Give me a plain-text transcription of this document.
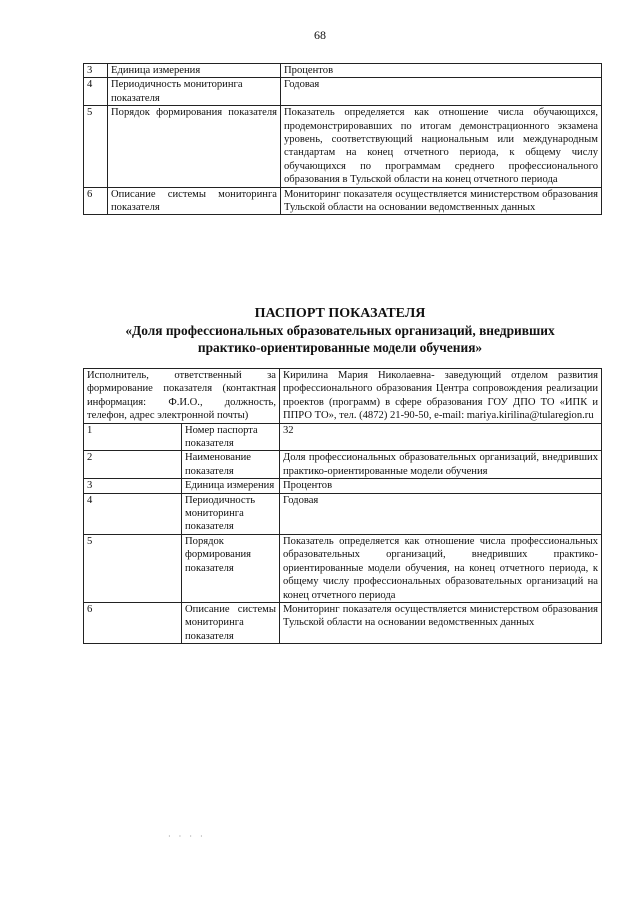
68
3	Единица измерения	Процентов
4	Периодичность мониторинга показателя	Годовая
5	Порядок формирования показателя	Показатель определяется как отношение числа обучающихся, продемонстрировавших по итогам демонстрационного экзамена уровень, соответствующий национальным или международным стандартам на конец отчетного периода, к общему числу обучающихся по программам среднего профессионального образования в Тульской области на конец отчетного периода
6	Описание системы мониторинга показателя	Мониторинг показателя осуществляется министерством образования Тульской области на основании ведомственных данных
ПАСПОРТ ПОКАЗАТЕЛЯ
«Доля профессиональных образовательных организаций, внедривших
практико-ориентированные модели обучения»
Исполнитель, ответственный за формирование показателя (контактная информация: Ф.И.О., должность, телефон, адрес электронной почты)		Кирилина Мария Николаевна- заведующий отделом развития профессионального образования Центра сопровождения реализации проектов (программ) в сфере образования ГОУ ДПО ТО «ИПК и ППРО ТО», тел. (4872) 21-90-50, e-mail: mariya.kirilina@tularegion.ru
1	Номер паспорта показателя	32
2	Наименование показателя	Доля профессиональных образовательных организаций, внедривших практико-ориентированные модели обучения
3	Единица измерения	Процентов
4	Периодичность мониторинга показателя	Годовая
5	Порядок формирования показателя	Показатель определяется как отношение числа профессиональных образовательных организаций, внедривших практико-ориентированные модели обучения, на конец отчетного периода, к общему числу профессиональных образовательных организаций на конец отчетного периода
6	Описание системы мониторинга показателя	Мониторинг показателя осуществляется министерством образования Тульской области на основании ведомственных данных
· · · ·
